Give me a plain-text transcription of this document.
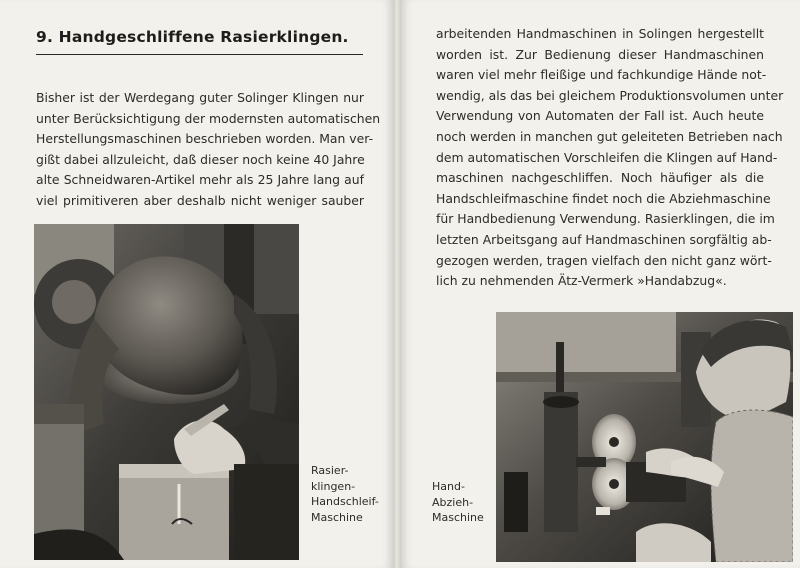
9. Handgeschliffene Rasierklingen.

Bisher ist der Werdegang guter Solinger Klingen nur
unter Berücksichtigung der modernsten automatischen
Herstellungsmaschinen beschrieben worden. Man ver-
gißt dabei allzuleicht, daß dieser noch keine 40 Jahre
alte Schneidwaren-Artikel mehr als 25 Jahre lang auf
viel primitiveren aber deshalb nicht weniger sauber

Rasier-
klingen-
Handschleif-
Maschine

arbeitenden Handmaschinen in Solingen hergestellt
worden ist. Zur Bedienung dieser Handmaschinen
waren viel mehr fleißige und fachkundige Hände not-
wendig, als das bei gleichem Produktionsvolumen unter
Verwendung von Automaten der Fall ist. Auch heute
noch werden in manchen gut geleiteten Betrieben nach
dem automatischen Vorschleifen die Klingen auf Hand-
maschinen nachgeschliffen. Noch häufiger als die
Handschleifmaschine findet noch die Abziehmaschine
für Handbedienung Verwendung. Rasierklingen, die im
letzten Arbeitsgang auf Handmaschinen sorgfältig ab-
gezogen werden, tragen vielfach den nicht ganz wört-
lich zu nehmenden Ätz-Vermerk »Handabzug«.

Hand-
Abzieh-
Maschine
